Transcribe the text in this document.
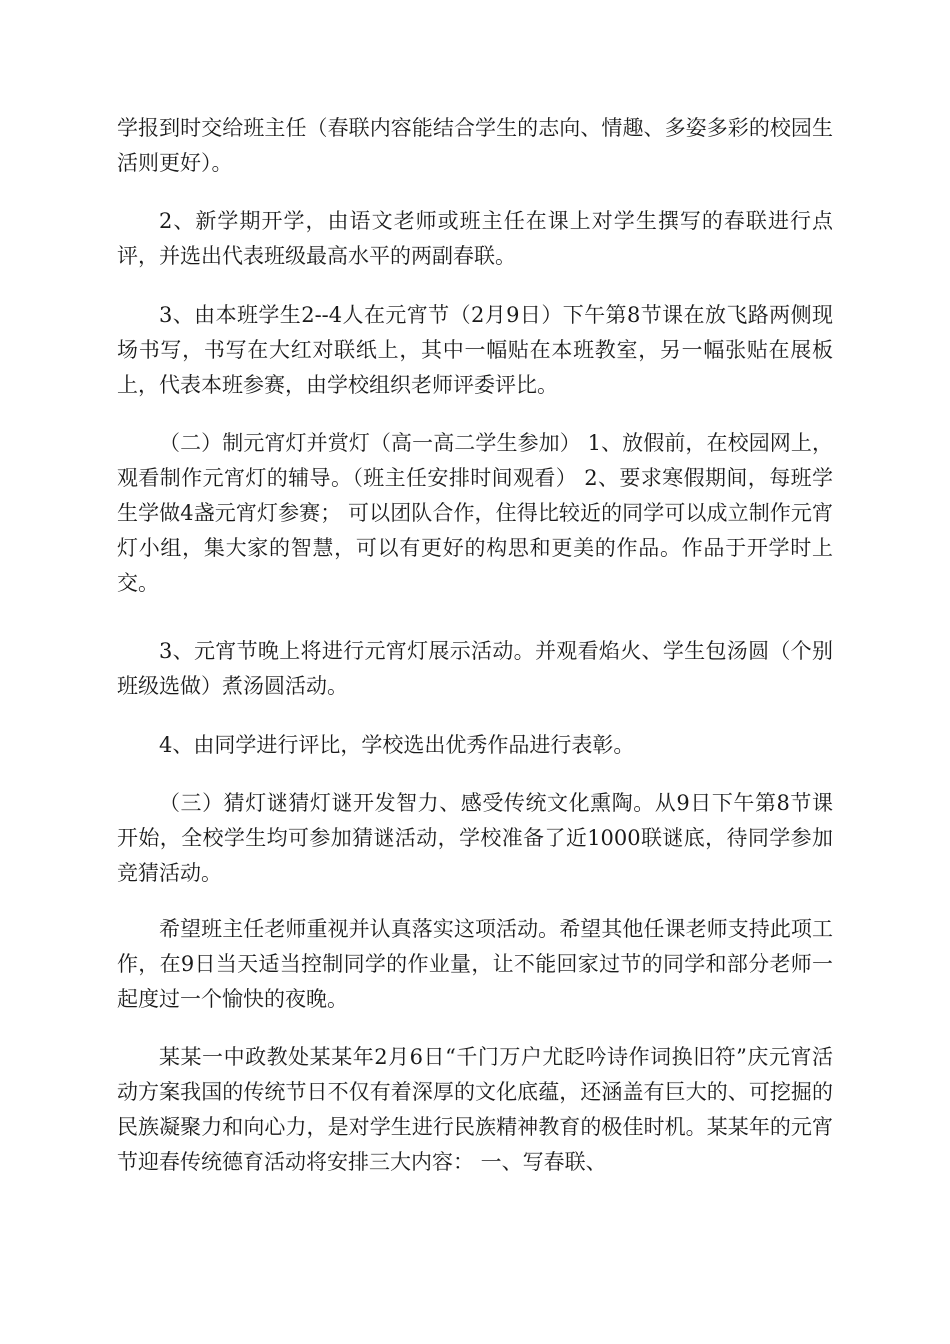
学报到时交给班主任（春联内容能结合学生的志向、情趣、多姿多彩的校园生活则更好）。

2、新学期开学，由语文老师或班主任在课上对学生撰写的春联进行点评，并选出代表班级最高水平的两副春联。

3、由本班学生2--4人在元宵节（2月9日）下午第8节课在放飞路两侧现场书写，书写在大红对联纸上，其中一幅贴在本班教室，另一幅张贴在展板上，代表本班参赛，由学校组织老师评委评比。

（二）制元宵灯并赏灯（高一高二学生参加） 1、放假前，在校园网上，观看制作元宵灯的辅导。（班主任安排时间观看） 2、要求寒假期间，每班学生学做4盏元宵灯参赛； 可以团队合作，住得比较近的同学可以成立制作元宵灯小组，集大家的智慧，可以有更好的构思和更美的作品。作品于开学时上交。

3、元宵节晚上将进行元宵灯展示活动。并观看焰火、学生包汤圆（个别班级选做）煮汤圆活动。

4、由同学进行评比，学校选出优秀作品进行表彰。

（三）猜灯谜猜灯谜开发智力、感受传统文化熏陶。从9日下午第8节课开始，全校学生均可参加猜谜活动，学校准备了近1000联谜底，待同学参加竞猜活动。

希望班主任老师重视并认真落实这项活动。希望其他任课老师支持此项工作，在9日当天适当控制同学的作业量，让不能回家过节的同学和部分老师一起度过一个愉快的夜晚。

某某一中政教处某某年2月6日“千门万户尤眨吟诗作词换旧符”庆元宵活动方案我国的传统节日不仅有着深厚的文化底蕴，还涵盖有巨大的、可挖掘的民族凝聚力和向心力，是对学生进行民族精神教育的极佳时机。某某年的元宵节迎春传统德育活动将安排三大内容： 一、写春联、
